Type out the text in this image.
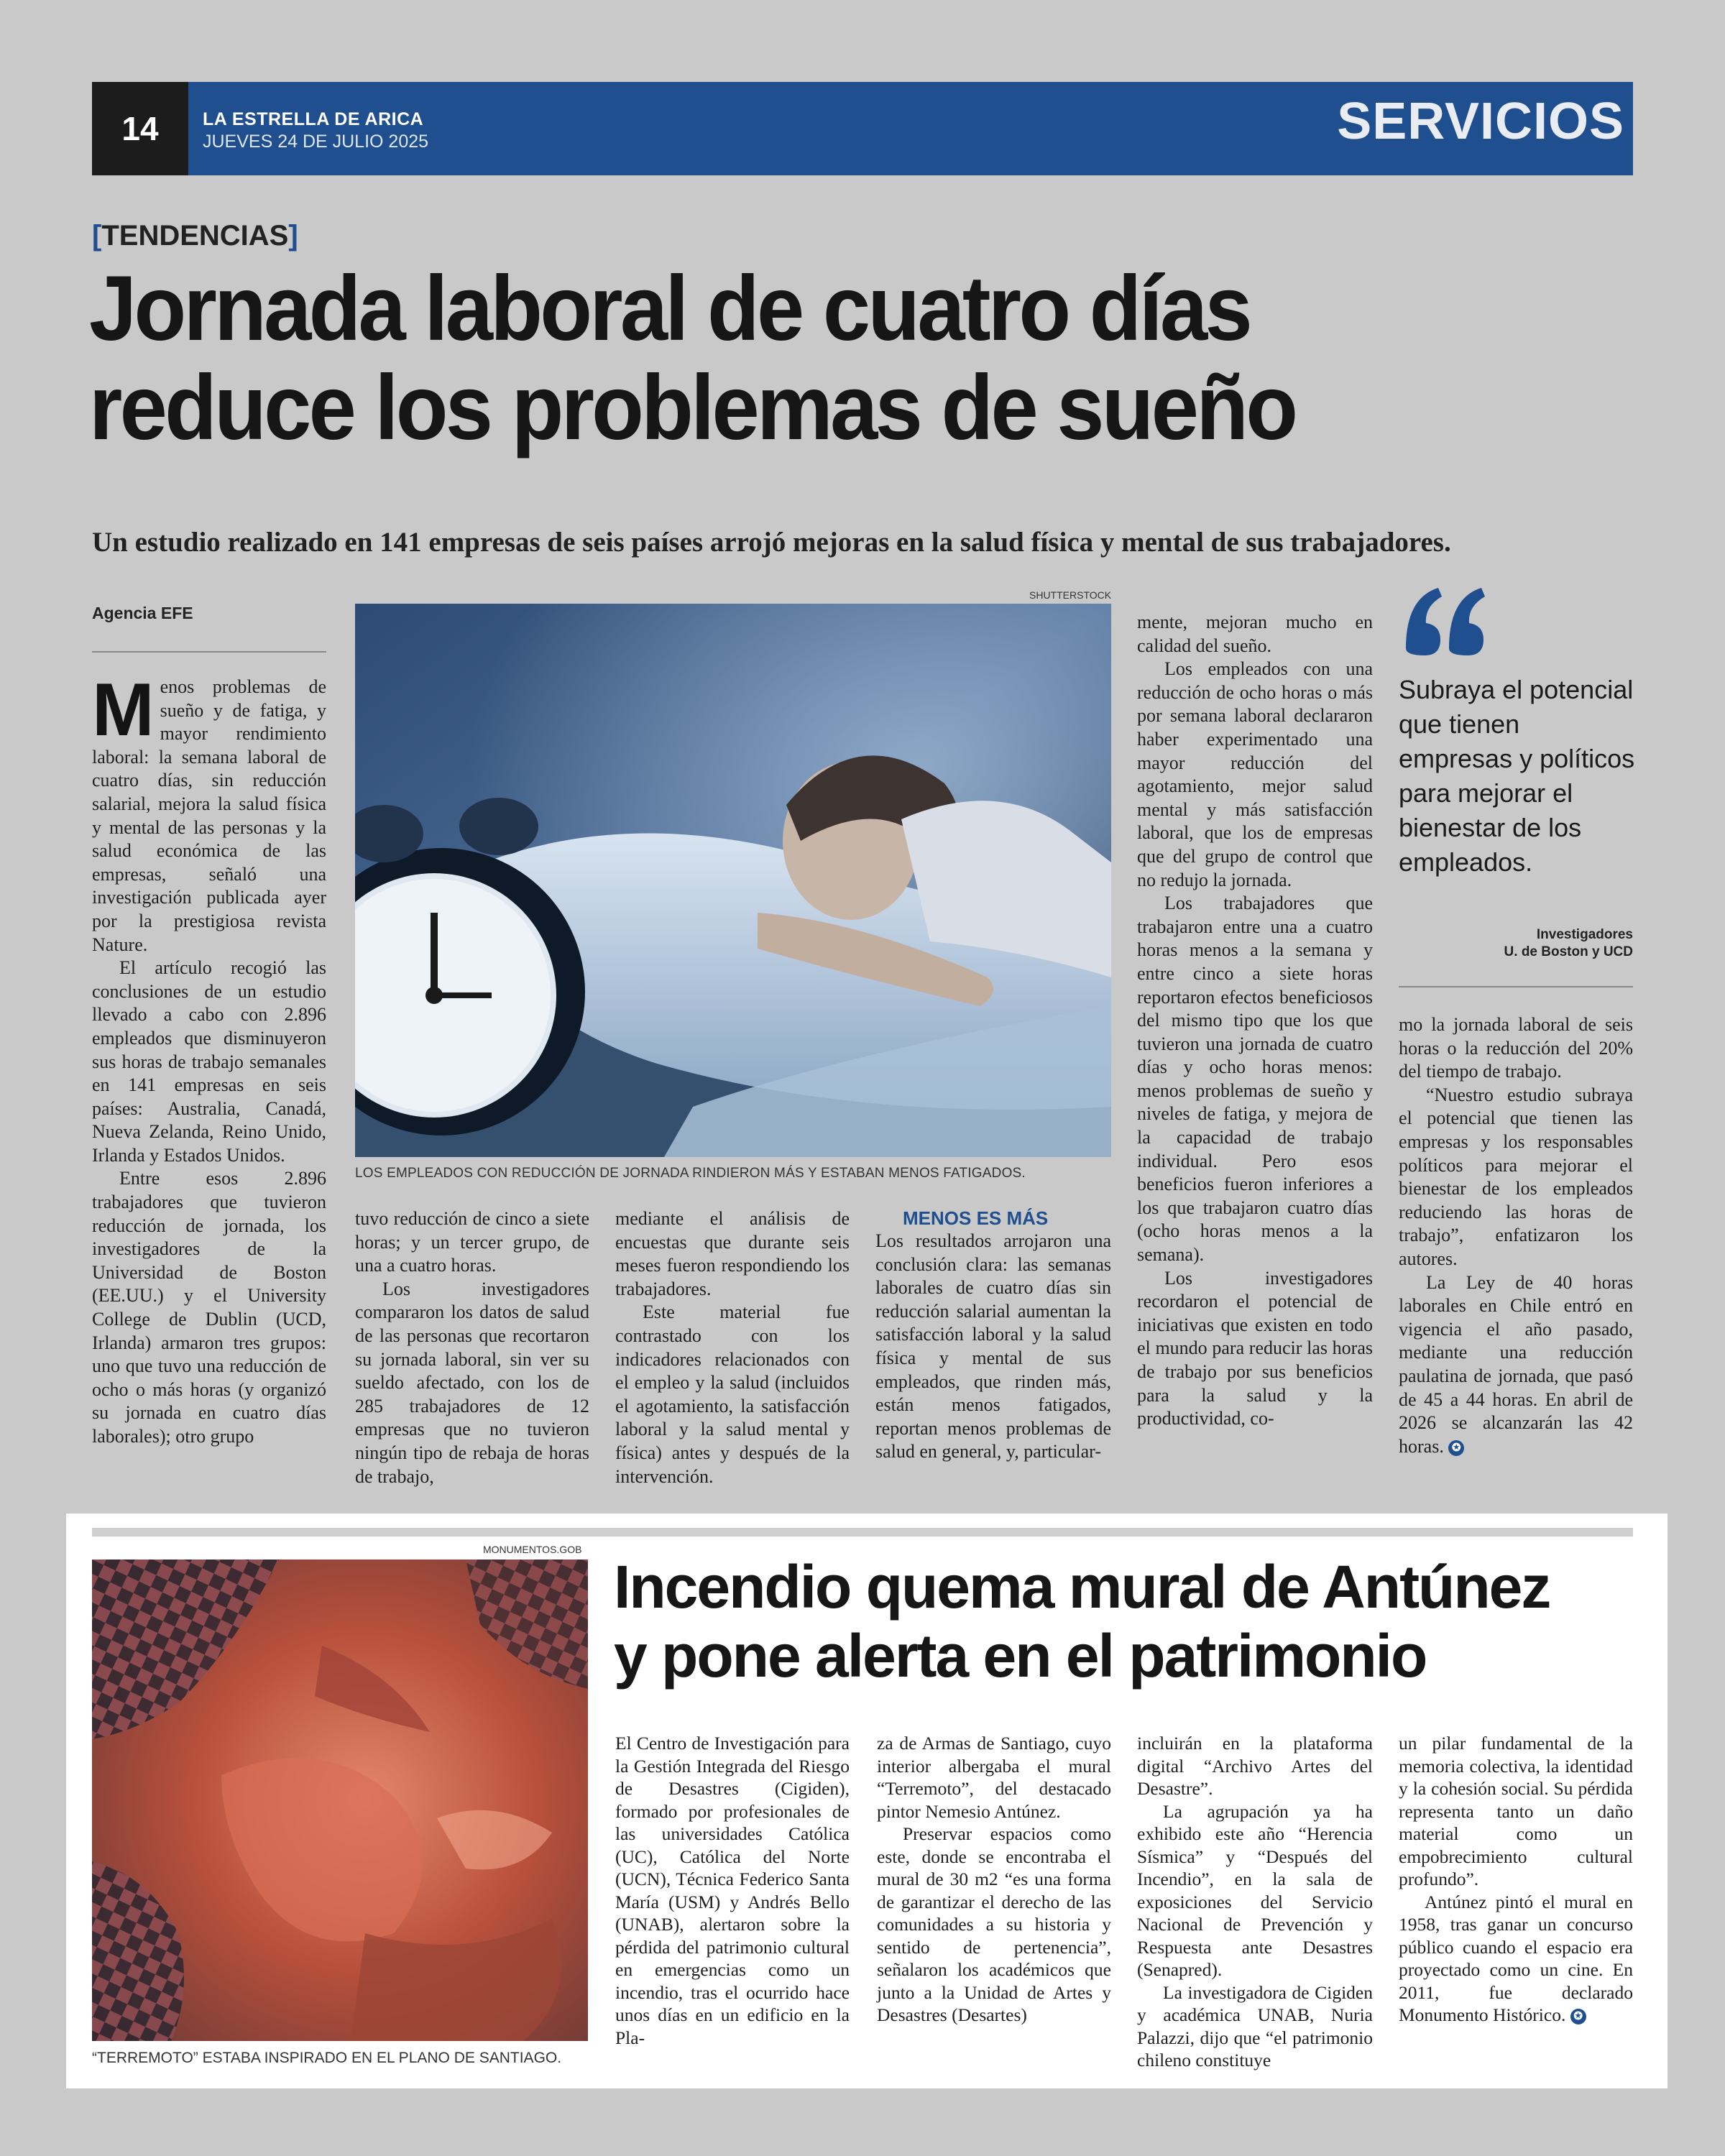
14	LA ESTRELLA DE ARICA
JUEVES 24 DE JULIO 2025	SERVICIOS
[TENDENCIAS]
Jornada laboral de cuatro días
reduce los problemas de sueño
Un estudio realizado en 141 empresas de seis países arrojó mejoras en la salud física y mental de sus trabajadores.
Agencia EFE

Menos problemas de sueño y de fatiga, y mayor rendimiento laboral: la semana laboral de cuatro días, sin reducción salarial, mejora la salud física y mental de las personas y la salud económica de las empresas, señaló una investigación publicada ayer por la prestigiosa revista Nature.

El artículo recogió las conclusiones de un estudio llevado a cabo con 2.896 empleados que disminuyeron sus horas de trabajo semanales en 141 empresas en seis países: Australia, Canadá, Nueva Zelanda, Reino Unido, Irlanda y Estados Unidos.

Entre esos 2.896 trabajadores que tuvieron reducción de jornada, los investigadores de la Universidad de Boston (EE.UU.) y el University College de Dublin (UCD, Irlanda) armaron tres grupos: uno que tuvo una reducción de ocho o más horas (y organizó su jornada en cuatro días laborales); otro grupo

SHUTTERSTOCK
LOS EMPLEADOS CON REDUCCIÓN DE JORNADA RINDIERON MÁS Y ESTABAN MENOS FATIGADOS.

tuvo reducción de cinco a siete horas; y un tercer grupo, de una a cuatro horas.

Los investigadores compararon los datos de salud de las personas que recortaron su jornada laboral, sin ver su sueldo afectado, con los de 285 trabajadores de 12 empresas que no tuvieron ningún tipo de rebaja de horas de trabajo,

mediante el análisis de encuestas que durante seis meses fueron respondiendo los trabajadores.

Este material fue contrastado con los indicadores relacionados con el empleo y la salud (incluidos el agotamiento, la satisfacción laboral y la salud mental y física) antes y después de la intervención.

MENOS ES MÁS

Los resultados arrojaron una conclusión clara: las semanas laborales de cuatro días sin reducción salarial aumentan la satisfacción laboral y la salud física y mental de sus empleados, que rinden más, están menos fatigados, reportan menos problemas de salud en general, y, particular-

mente, mejoran mucho en calidad del sueño.

Los empleados con una reducción de ocho horas o más por semana laboral declararon haber experimentado una mayor reducción del agotamiento, mejor salud mental y más satisfacción laboral, que los de empresas que del grupo de control que no redujo la jornada.

Los trabajadores que trabajaron entre una a cuatro horas menos a la semana y entre cinco a siete horas reportaron efectos beneficiosos del mismo tipo que los que tuvieron una jornada de cuatro días y ocho horas menos: menos problemas de sueño y niveles de fatiga, y mejora de la capacidad de trabajo individual. Pero esos beneficios fueron inferiores a los que trabajaron cuatro días (ocho horas menos a la semana).

Los investigadores recordaron el potencial de iniciativas que existen en todo el mundo para reducir las horas de trabajo por sus beneficios para la salud y la productividad, co-

Subraya el potencial que tienen empresas y políticos para mejorar el bienestar de los empleados.
Investigadores
U. de Boston y UCD

mo la jornada laboral de seis horas o la reducción del 20% del tiempo de trabajo.

“Nuestro estudio subraya el potencial que tienen las empresas y los responsables políticos para mejorar el bienestar de los empleados reduciendo las horas de trabajo”, enfatizaron los autores.

La Ley de 40 horas laborales en Chile entró en vigencia el año pasado, mediante una reducción paulatina de jornada, que pasó de 45 a 44 horas. En abril de 2026 se alcanzarán las 42 horas. ✪

MONUMENTOS.GOB
“TERREMOTO” ESTABA INSPIRADO EN EL PLANO DE SANTIAGO.
Incendio quema mural de Antúnez
y pone alerta en el patrimonio

El Centro de Investigación para la Gestión Integrada del Riesgo de Desastres (Cigiden), formado por profesionales de las universidades Católica (UC), Católica del Norte (UCN), Técnica Federico Santa María (USM) y Andrés Bello (UNAB), alertaron sobre la pérdida del patrimonio cultural en emergencias como un incendio, tras el ocurrido hace unos días en un edificio en la Pla-

za de Armas de Santiago, cuyo interior albergaba el mural “Terremoto”, del destacado pintor Nemesio Antúnez.

Preservar espacios como este, donde se encontraba el mural de 30 m2 “es una forma de garantizar el derecho de las comunidades a su historia y sentido de pertenencia”, señalaron los académicos que junto a la Unidad de Artes y Desastres (Desartes)

incluirán en la plataforma digital “Archivo Artes del Desastre”.

La agrupación ya ha exhibido este año “Herencia Sísmica” y “Después del Incendio”, en la sala de exposiciones del Servicio Nacional de Prevención y Respuesta ante Desastres (Senapred).

La investigadora de Cigiden y académica UNAB, Nuria Palazzi, dijo que “el patrimonio chileno constituye

un pilar fundamental de la memoria colectiva, la identidad y la cohesión social. Su pérdida representa tanto un daño material como un empobrecimiento cultural profundo”.

Antúnez pintó el mural en 1958, tras ganar un concurso público cuando el espacio era proyectado como un cine. En 2011, fue declarado Monumento Histórico. ✪
